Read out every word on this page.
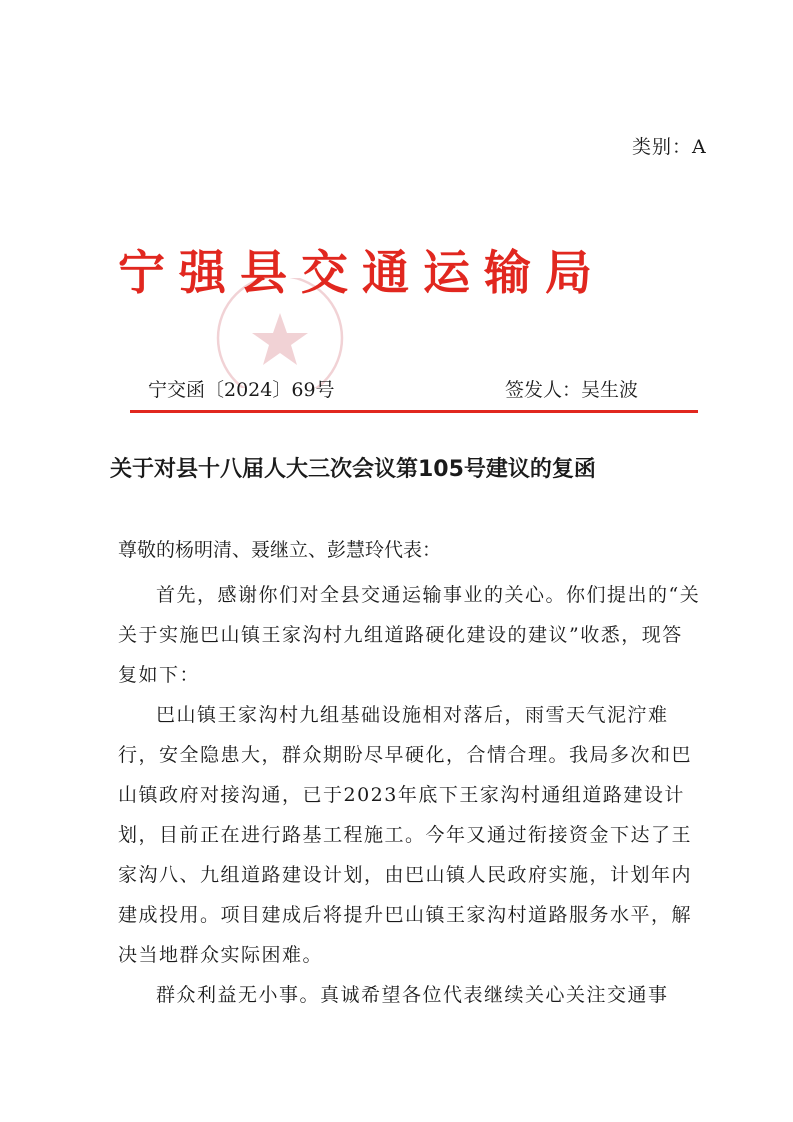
类别：A
宁强县交通运输局
宁交函〔2024〕69号	签发人：吴生波
关于对县十八届人大三次会议第105号建议的复函
尊敬的杨明清、聂继立、彭慧玲代表：
首先，感谢你们对全县交通运输事业的关心。你们提出的“关
关于实施巴山镇王家沟村九组道路硬化建设的建议”收悉，现答
复如下：
巴山镇王家沟村九组基础设施相对落后，雨雪天气泥泞难
行，安全隐患大，群众期盼尽早硬化，合情合理。我局多次和巴
山镇政府对接沟通，已于2023年底下王家沟村通组道路建设计
划，目前正在进行路基工程施工。今年又通过衔接资金下达了王
家沟八、九组道路建设计划，由巴山镇人民政府实施，计划年内
建成投用。项目建成后将提升巴山镇王家沟村道路服务水平，解
决当地群众实际困难。
群众利益无小事。真诚希望各位代表继续关心关注交通事
